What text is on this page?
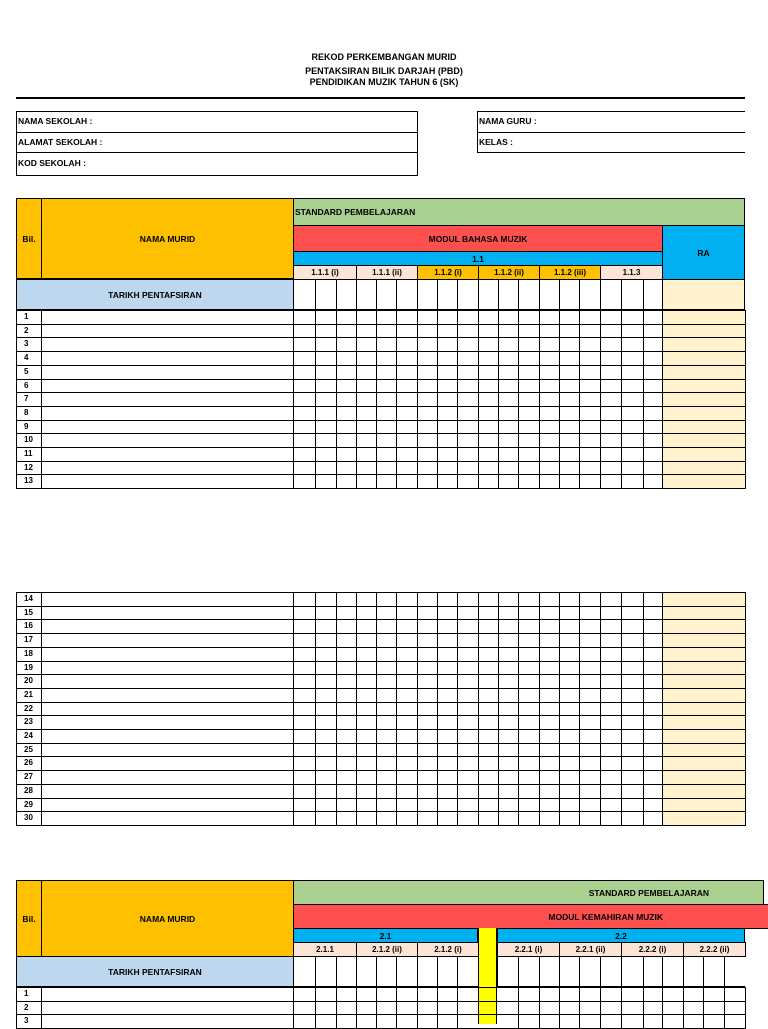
REKOD PERKEMBANGAN MURID
PENTAKSIRAN BILIK DARJAH (PBD)
PENDIDIKAN MUZIK TAHUN 6 (SK)
NAMA SEKOLAH :
ALAMAT SEKOLAH :
KOD SEKOLAH :
NAMA GURU :
KELAS :
Bil.	NAMA MURID
STANDARD PEMBELAJARAN
MODUL BAHASA MUZIK
RA
1.1
1.1.1 (i)	1.1.1 (ii)	1.1.2 (i)	1.1.2 (ii)	1.1.2 (iii)	1.1.3
TARIKH PENTAFSIRAN
1
2
3
4
5
6
7
8
9
10
11
12
13
14
15
16
17
18
19
20
21
22
23
24
25
26
27
28
29
30
Bil.	NAMA MURID
STANDARD PEMBELAJARAN
MODUL KEMAHIRAN MUZIK
2.1	2.2
2.1.1	2.1.2 (ii)	2.1.2 (i)	2.2.1 (i)	2.2.1 (ii)	2.2.2 (i)	2.2.2 (ii)
TARIKH PENTAFSIRAN
1
2
3
